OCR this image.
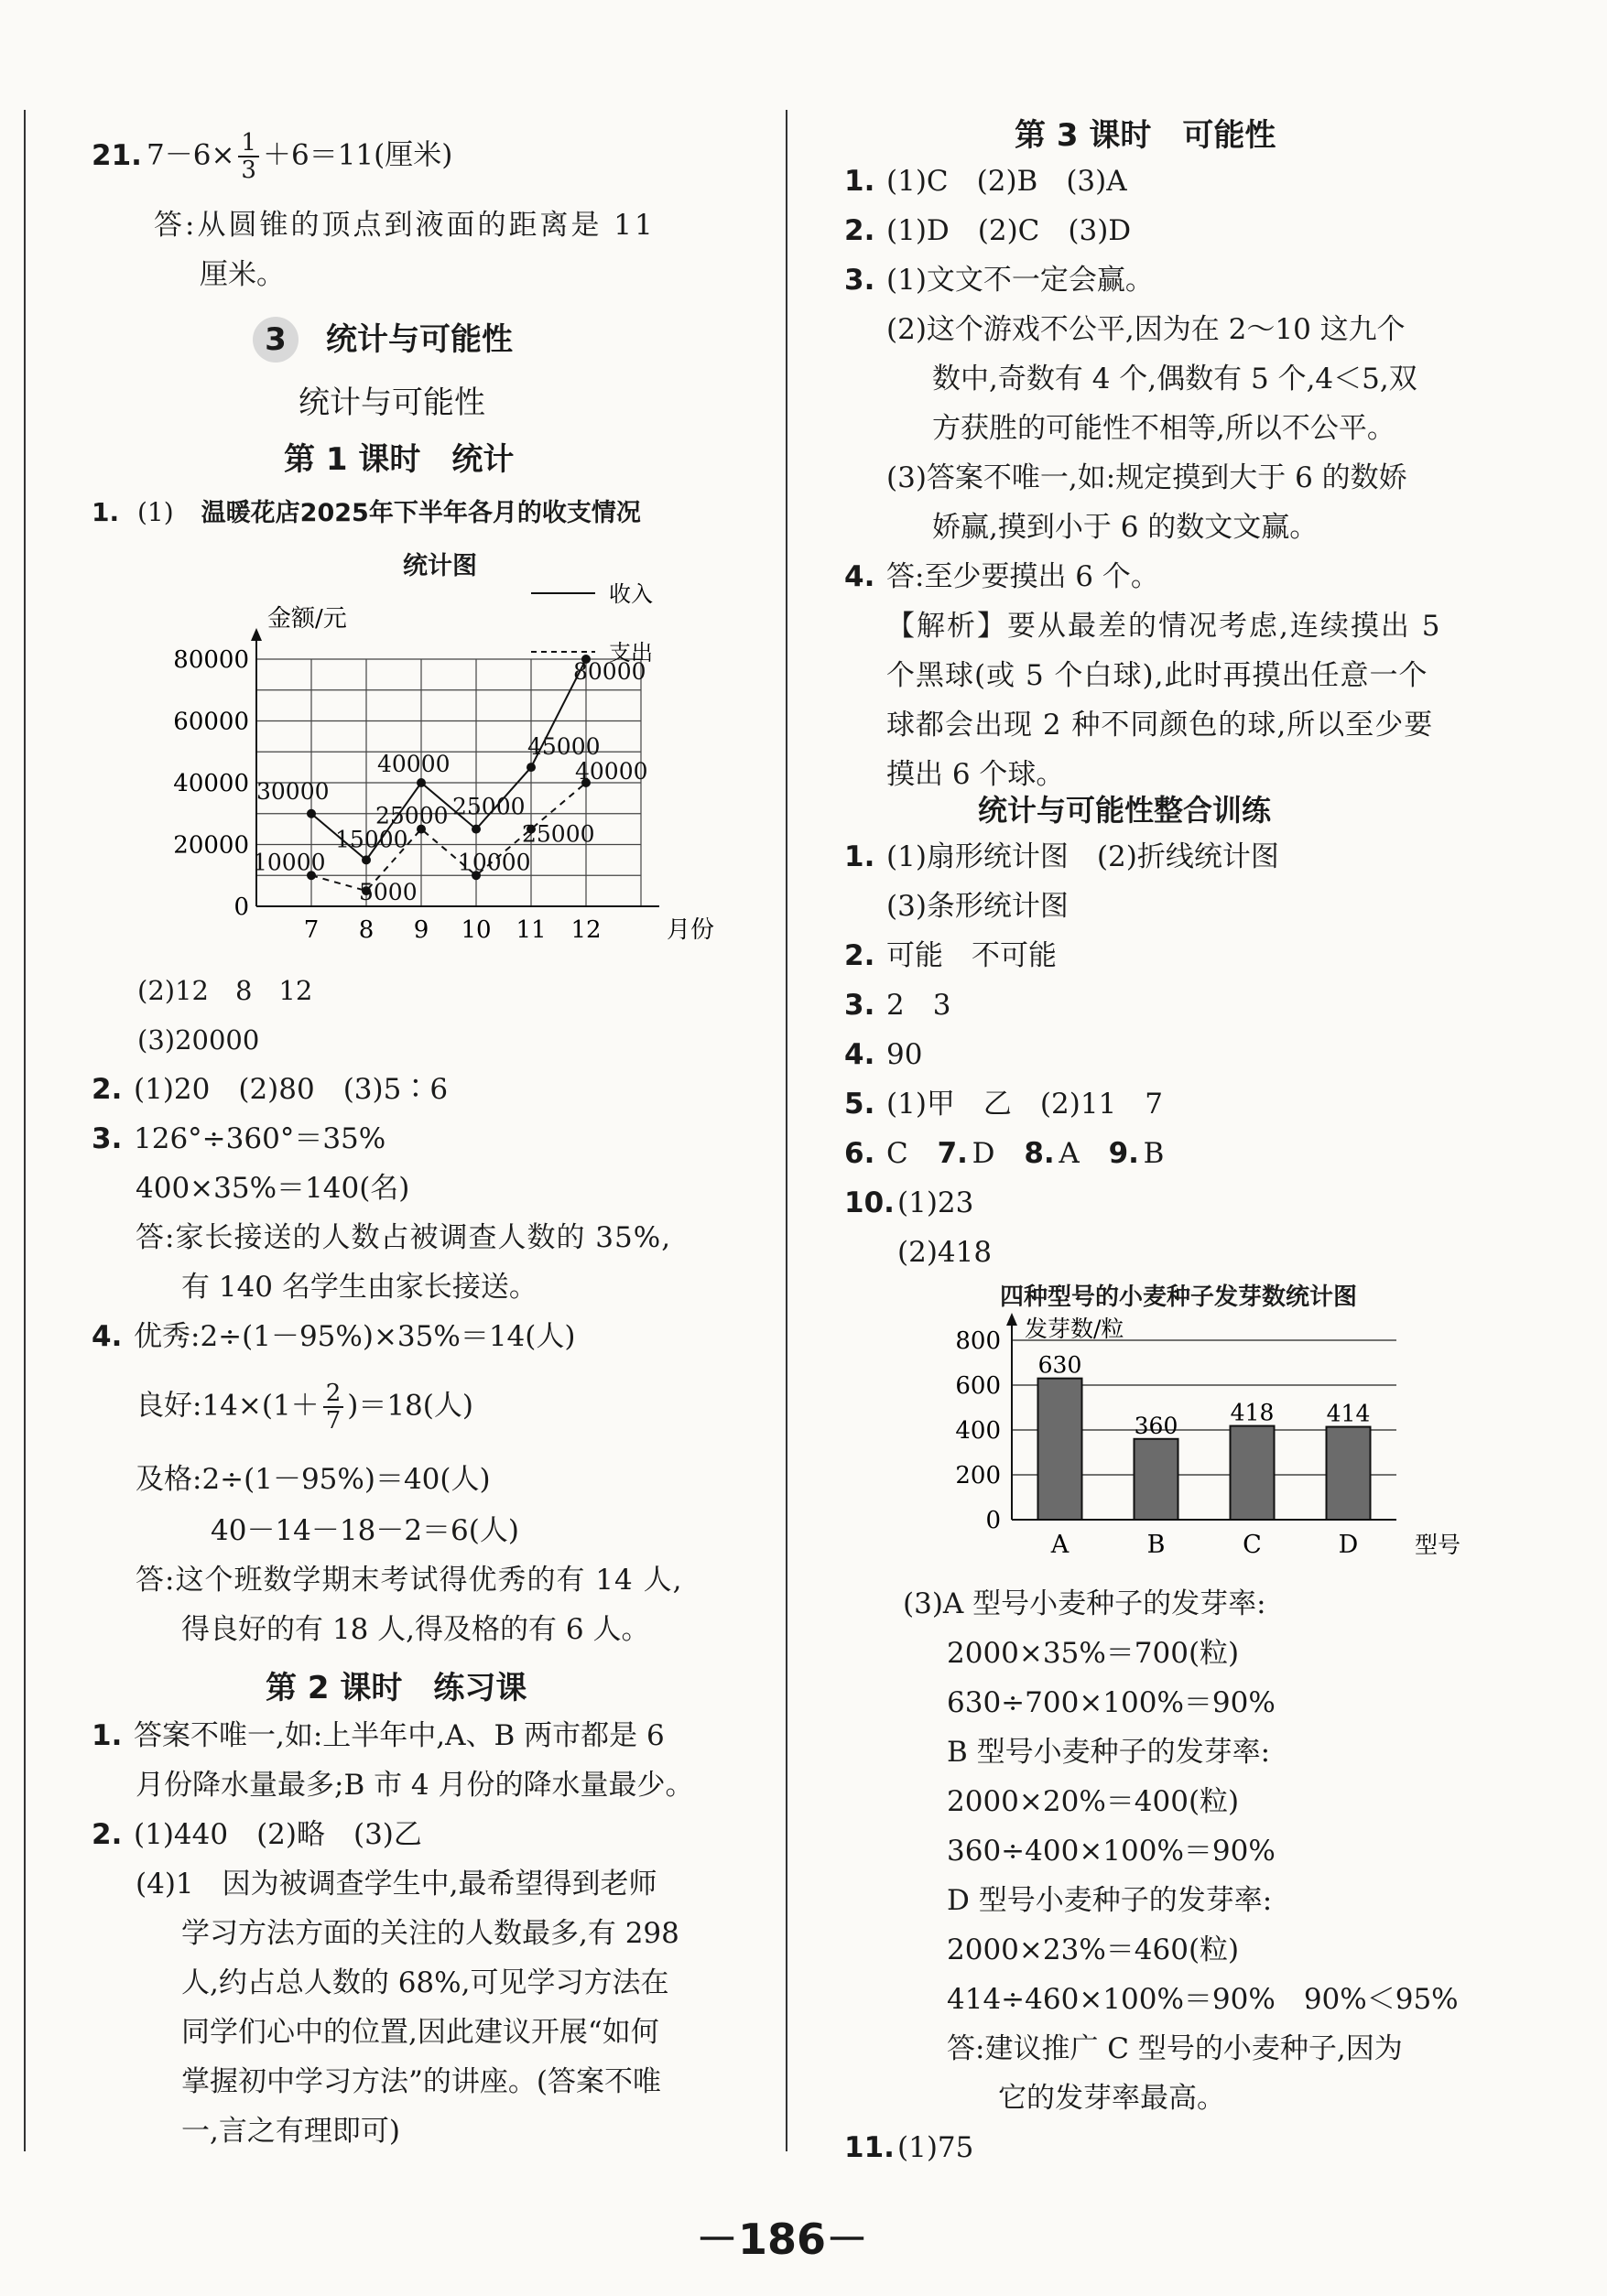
21. $7-6\times \frac{1}{3} +6=11$(厘米)
答:从圆锥的顶点到液面的距离是 11
厘米。
3 统计与可能性
统计与可能性
第 1 课时　统计
1. (1) 温暖花店2025年下半年各月的收支情况
统计图
金额/元
月份
0
20000
40000
60000
80000
7 8 9 10 11 12
收入
支出
30000
15000
40000
25000
45000
80000
10000
5000
25000
10000
25000
40000
(2)12　8　12
(3)20000
2. (1)20　(2)80　(3)5∶6
3. 126°÷360°＝35%
400×35%＝140(名)
答:家长接送的人数占被调查人数的 35%,
有 140 名学生由家长接送。
4. 优秀:2÷(1－95%)×35%＝14(人)
良好:14×(1＋ $\frac{2}{7} )=18$(人)
及格:2÷(1－95%)＝40(人)
40－14－18－2＝6(人)
答:这个班数学期末考试得优秀的有 14 人,
得良好的有 18 人,得及格的有 6 人。
第 2 课时　练习课
1. 答案不唯一,如:上半年中,A、B 两市都是 6
月份降水量最多;B 市 4 月份的降水量最少。
2. (1)440　(2)略　(3)乙
(4)1　因为被调查学生中,最希望得到老师
学习方法方面的关注的人数最多,有 298
人,约占总人数的 68%,可见学习方法在
同学们心中的位置,因此建议开展“如何
掌握初中学习方法”的讲座。(答案不唯
一,言之有理即可)
第 3 课时　可能性
1. (1)C　(2)B　(3)A
2. (1)D　(2)C　(3)D
3. (1)文文不一定会赢。
(2)这个游戏不公平,因为在 2～10 这九个
数中,奇数有 4 个,偶数有 5 个,4＜5,双
方获胜的可能性不相等,所以不公平。
(3)答案不唯一,如:规定摸到大于 6 的数娇
娇赢,摸到小于 6 的数文文赢。
4. 答:至少要摸出 6 个。
【解析】要从最差的情况考虑,连续摸出 5
个黑球(或 5 个白球),此时再摸出任意一个
球都会出现 2 种不同颜色的球,所以至少要
摸出 6 个球。
统计与可能性整合训练
1. (1)扇形统计图　(2)折线统计图
(3)条形统计图
2. 可能　不可能
3. 2　3
4. 90
5. (1)甲　乙　(2)11　7
6. C 7. D 8. A 9. B
10.(1)23
(2)418
四种型号的小麦种子发芽数统计图
0
200
400
600
800 发芽数/粒
型号
630
A
360
B
418
C
414
D
(3)A 型号小麦种子的发芽率:
2000×35%＝700(粒)
630÷700×100%＝90%
B 型号小麦种子的发芽率:
2000×20%＝400(粒)
360÷400×100%＝90%
D 型号小麦种子的发芽率:
2000×23%＝460(粒)
414÷460×100%＝90%　90%＜95%
答:建议推广 C 型号的小麦种子,因为
它的发芽率最高。
11.(1)75
－186－
